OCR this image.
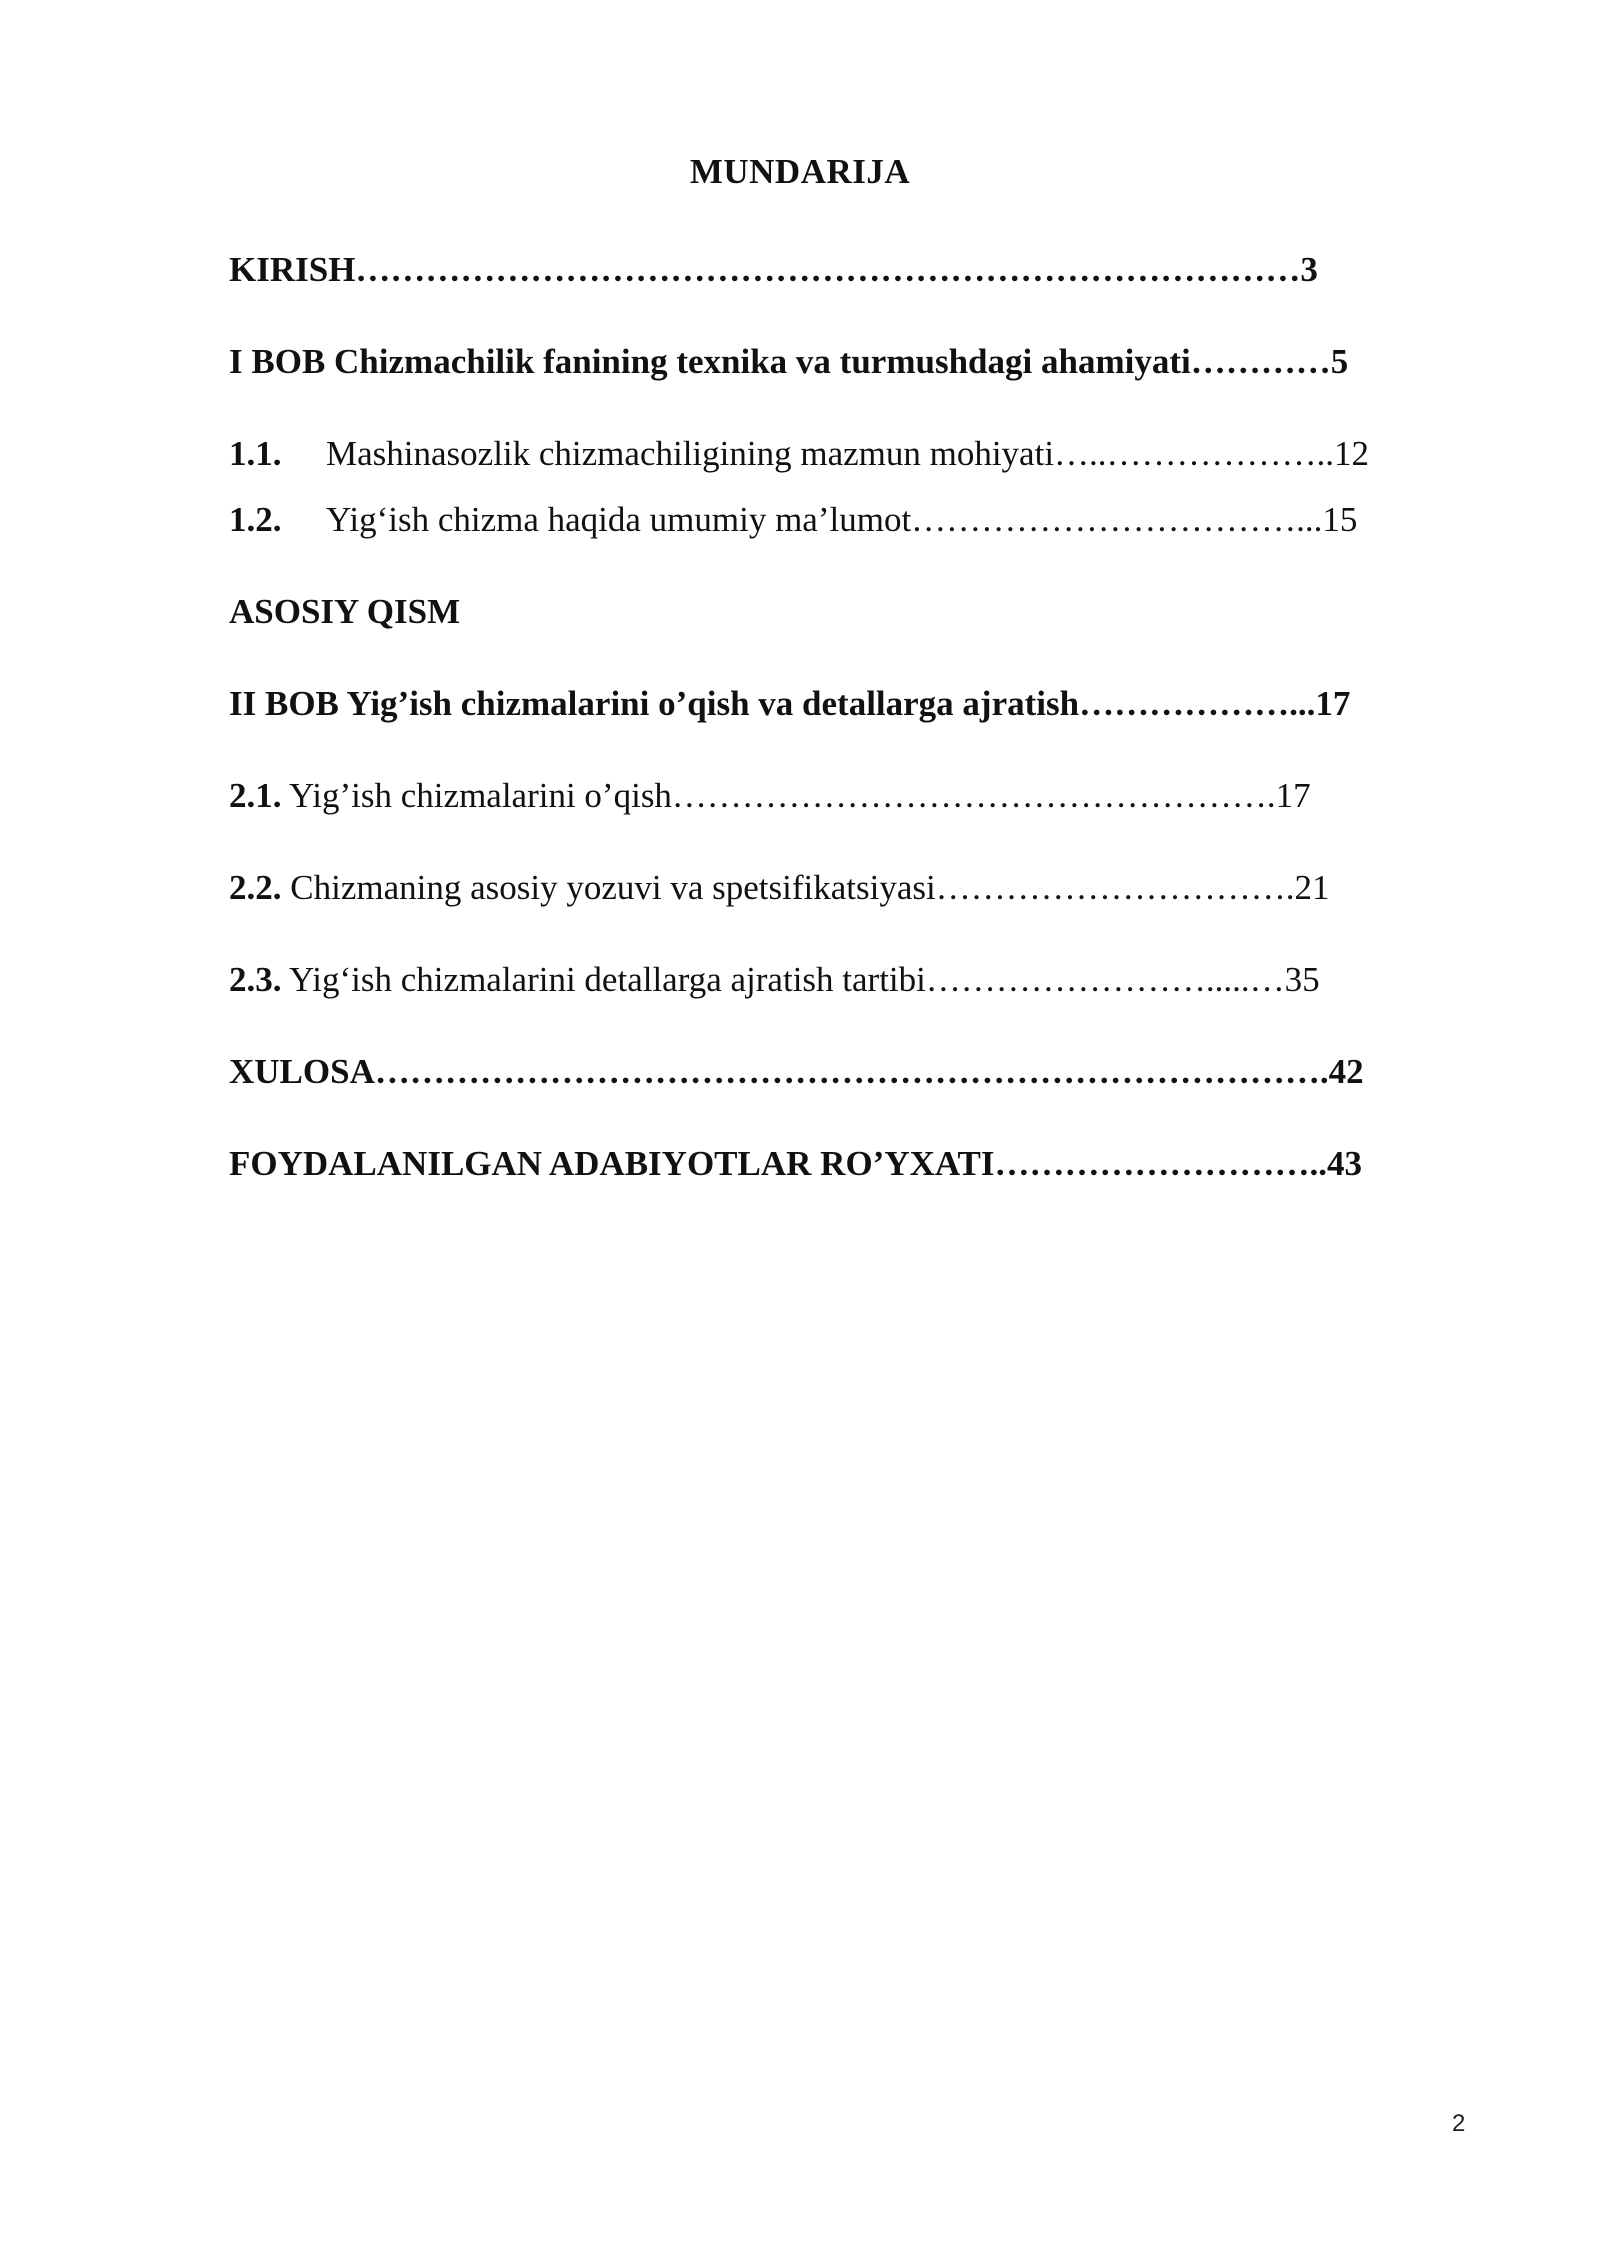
MUNDARIJA
KIRISH………………………………………………………………………3
I BOB Chizmachilik fanining texnika va turmushdagi ahamiyati…………5
1.1. Mashinasozlik chizmachiligining mazmun mohiyati…..………………..12
1.2. Yig‘ish chizma haqida umumiy ma’lumot……………………………...15
ASOSIY QISM
II BOB Yig’ish chizmalarini o’qish va detallarga ajratish………………...17
2.1. Yig’ish chizmalarini o’qish…………………………………………….17
2.2. Chizmaning asosiy yozuvi va spetsifikatsiyasi………………………….21
2.3. Yig‘ish chizmalarini detallarga ajratish tartibi…………………….....…35
XULOSA……………………………………………………………………….42
FOYDALANILGAN ADABIYOTLAR RO’YXATI………………………..43
2
